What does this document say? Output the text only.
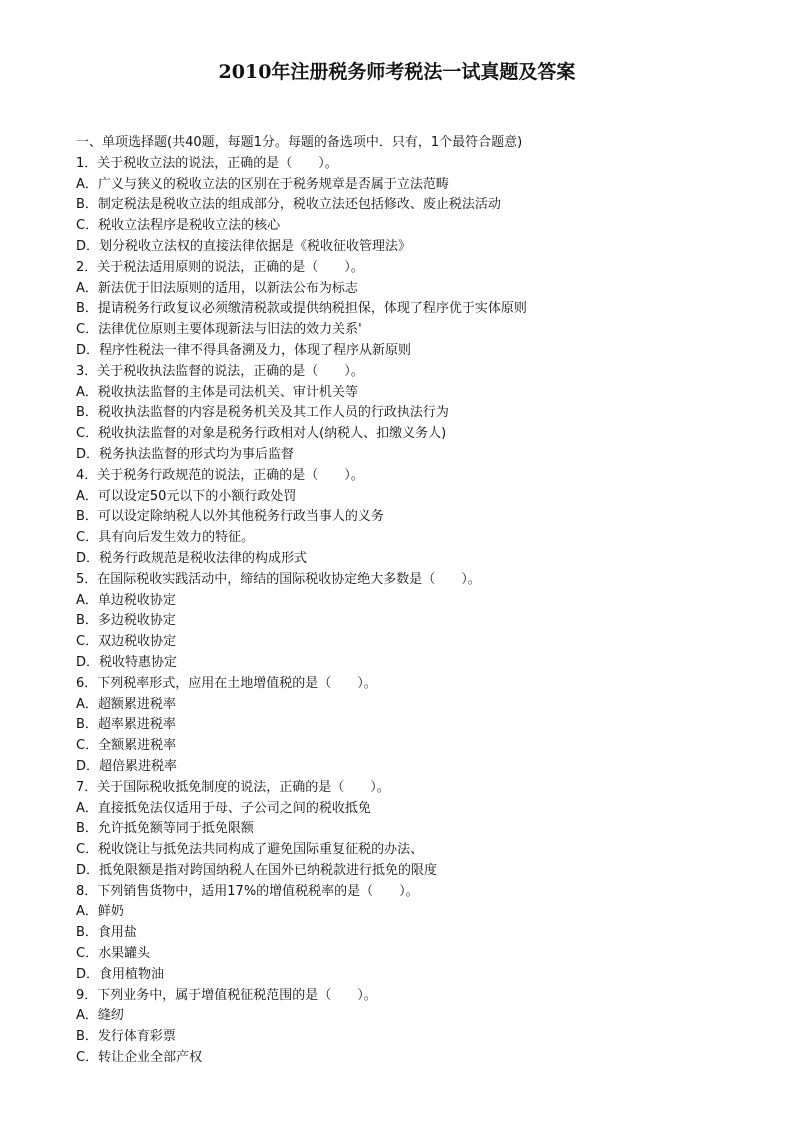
2010年注册税务师考税法一试真题及答案

一、单项选择题(共40题，每题1分。每题的备选项中．只有，1个最符合题意)

1．关于税收立法的说法，正确的是（　　）。

A．广义与狭义的税收立法的区别在于税务规章是否属于立法范畴

B．制定税法是税收立法的组成部分，税收立法还包括修改、废止税法活动

C．税收立法程序是税收立法的核心

D．划分税收立法权的直接法律依据是《税收征收管理法》

2．关于税法适用原则的说法，正确的是（　　）。

A．新法优于旧法原则的适用，以新法公布为标志

B．提请税务行政复议必须缴清税款或提供纳税担保，体现了程序优于实体原则

C．法律优位原则主要体现新法与旧法的效力关系'

D．程序性税法一律不得具备溯及力，体现了程序从新原则

3．关于税收执法监督的说法，正确的是（　　）。

A．税收执法监督的主体是司法机关、审计机关等

B．税收执法监督的内容是税务机关及其工作人员的行政执法行为

C．税收执法监督的对象是税务行政相对人(纳税人、扣缴义务人)

D．税务执法监督的形式均为事后监督

4．关于税务行政规范的说法，正确的是（　　）。

A．可以设定50元以下的小额行政处罚

B．可以设定除纳税人以外其他税务行政当事人的义务

C．具有向后发生效力的特征。

D．税务行政规范是税收法律的构成形式

5．在国际税收实践活动中，缔结的国际税收协定绝大多数是（　　）。

A．单边税收协定

B．多边税收协定

C．双边税收协定

D．税收特惠协定

6．下列税率形式，应用在土地增值税的是（　　）。

A．超额累进税率

B．超率累进税率

C．全额累进税率

D．超倍累进税率

7．关于国际税收抵免制度的说法，正确的是（　　）。

A．直接抵免法仅适用于母、子公司之间的税收抵免

B．允许抵免额等同于抵免限额

C．税收饶让与抵免法共同构成了避免国际重复征税的办法、

D．抵免限额是指对跨国纳税人在国外已纳税款进行抵免的限度

8．下列销售货物中，适用17%的增值税税率的是（　　）。

A．鲜奶

B．食用盐

C．水果罐头

D．食用植物油

9．下列业务中，属于增值税征税范围的是（　　）。

A．缝纫

B．发行体育彩票

C．转让企业全部产权
